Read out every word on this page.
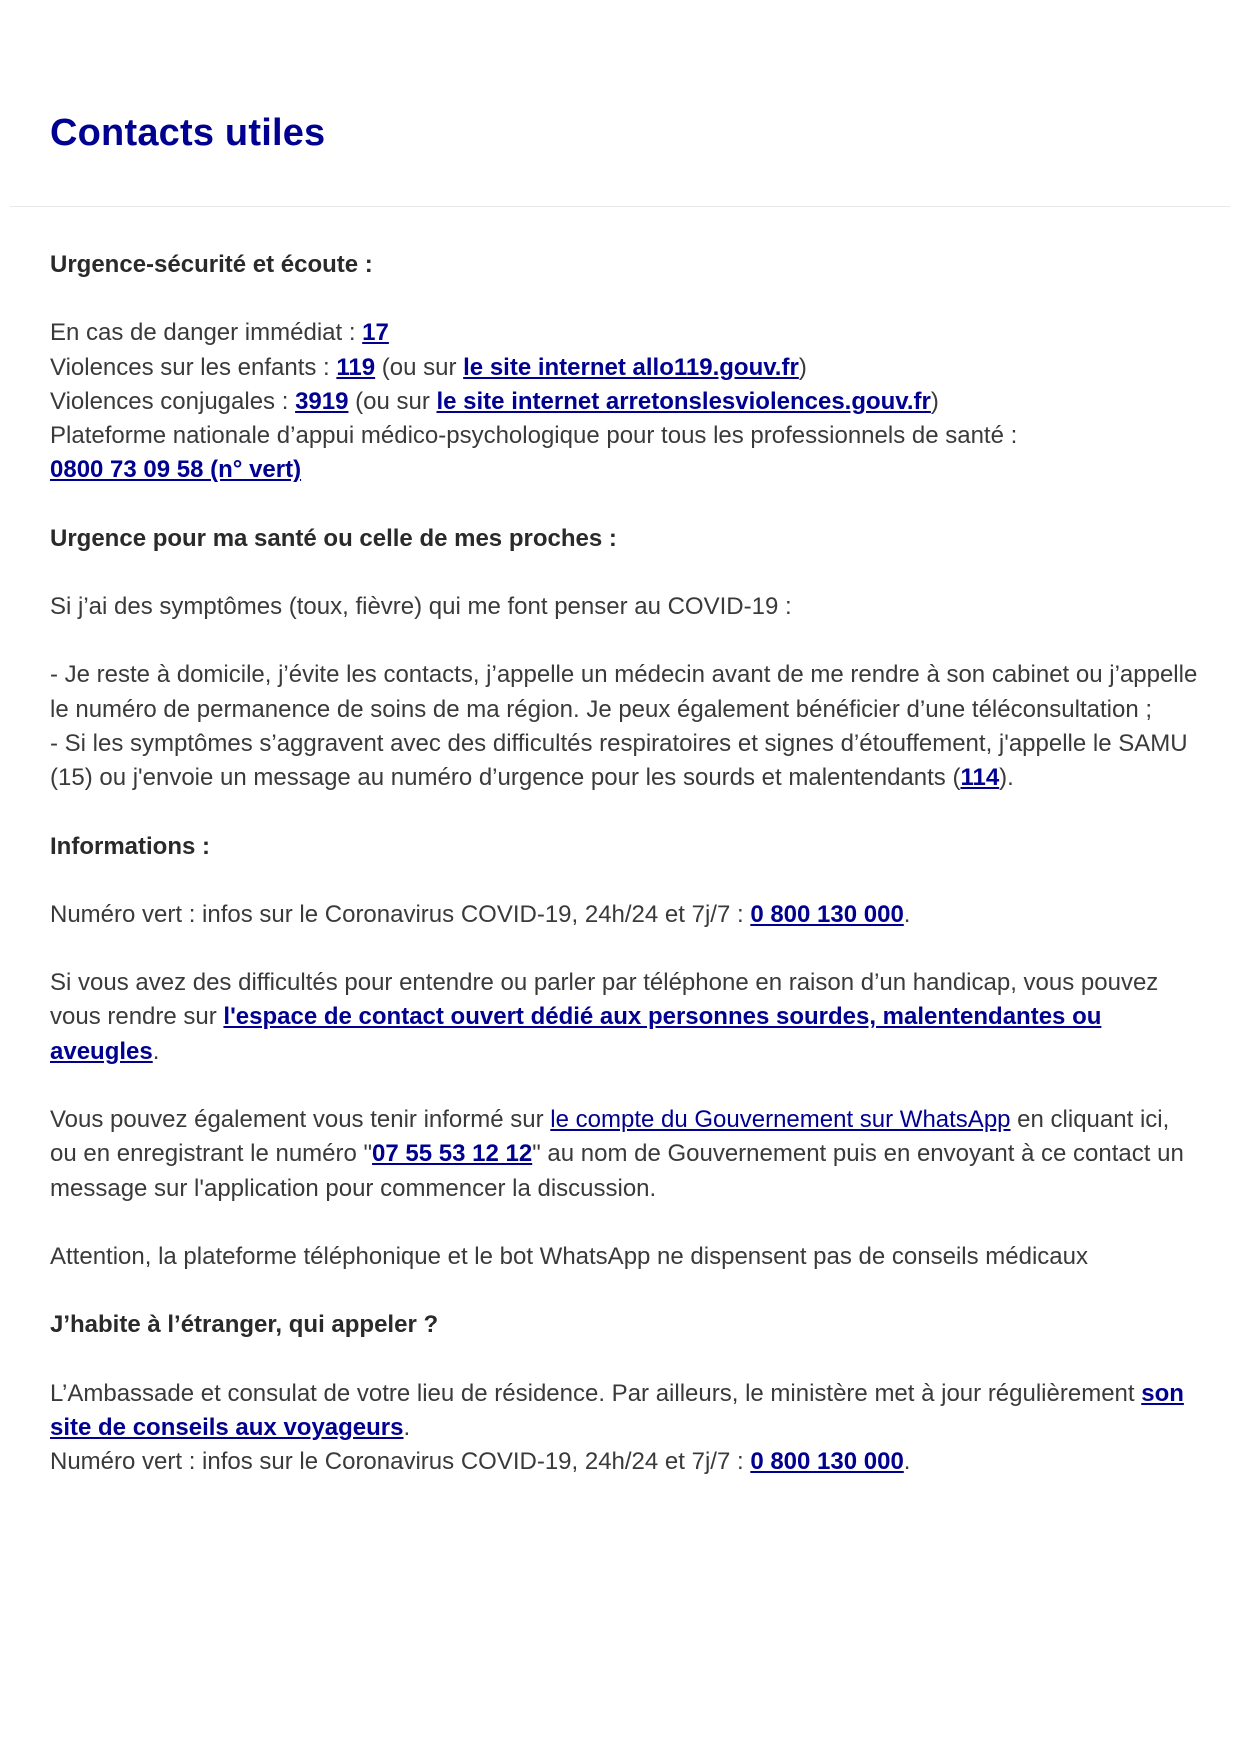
Contacts utiles

Urgence-sécurité et écoute :

En cas de danger immédiat : 17
Violences sur les enfants : 119 (ou sur le site internet allo119.gouv.fr)
Violences conjugales : 3919 (ou sur le site internet arretonslesviolences.gouv.fr)
Plateforme nationale d’appui médico-psychologique pour tous les professionnels de santé :
0800 73 09 58 (n° vert)

Urgence pour ma santé ou celle de mes proches :

Si j’ai des symptômes (toux, fièvre) qui me font penser au COVID-19 :

- Je reste à domicile, j’évite les contacts, j’appelle un médecin avant de me rendre à son cabinet ou j’appelle le numéro de permanence de soins de ma région. Je peux également bénéficier d’une téléconsultation ;
- Si les symptômes s’aggravent avec des difficultés respiratoires et signes d’étouffement, j'appelle le SAMU (15) ou j'envoie un message au numéro d’urgence pour les sourds et malentendants (114).

Informations :

Numéro vert : infos sur le Coronavirus COVID-19, 24h/24 et 7j/7 : 0 800 130 000.

Si vous avez des difficultés pour entendre ou parler par téléphone en raison d’un handicap, vous pouvez vous rendre sur l'espace de contact ouvert dédié aux personnes sourdes, malentendantes ou aveugles.

Vous pouvez également vous tenir informé sur le compte du Gouvernement sur WhatsApp en cliquant ici, ou en enregistrant le numéro "07 55 53 12 12" au nom de Gouvernement puis en envoyant à ce contact un message sur l'application pour commencer la discussion.

Attention, la plateforme téléphonique et le bot WhatsApp ne dispensent pas de conseils médicaux

J’habite à l’étranger, qui appeler ?

L’Ambassade et consulat de votre lieu de résidence. Par ailleurs, le ministère met à jour régulièrement son site de conseils aux voyageurs.
Numéro vert : infos sur le Coronavirus COVID-19, 24h/24 et 7j/7 : 0 800 130 000.
